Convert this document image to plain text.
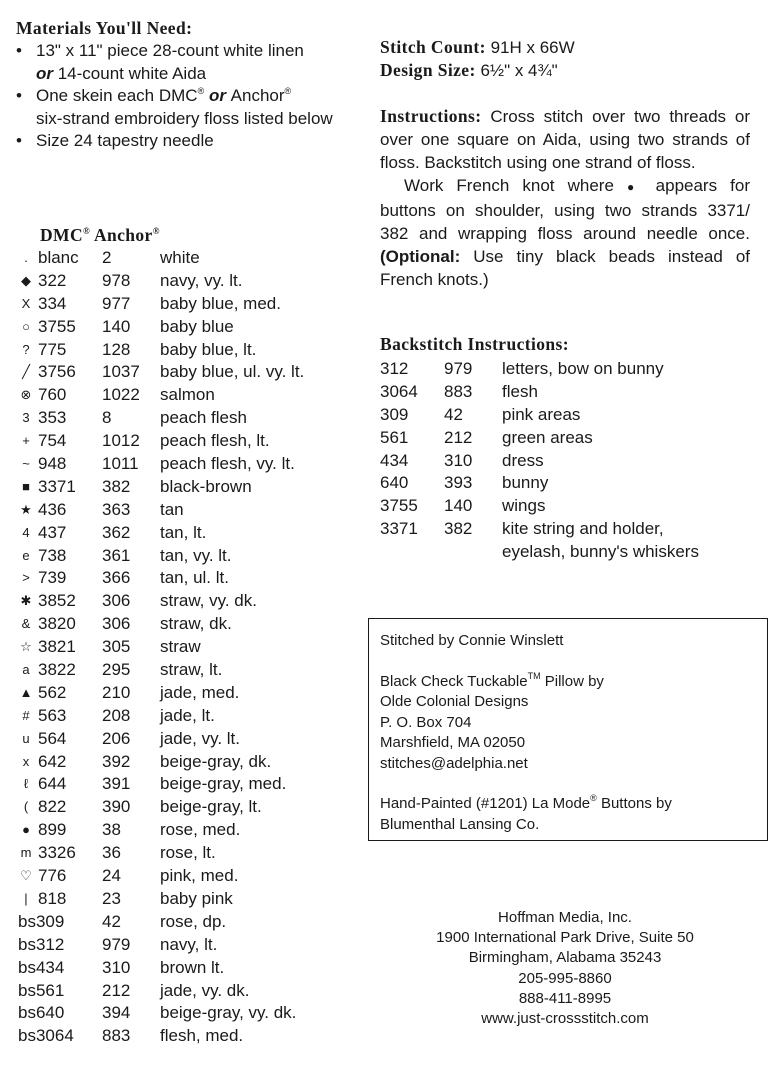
Materials You'll Need:
• 13" x 11" piece 28-count white linen
or 14-count white Aida
• One skein each DMC® or Anchor®
six-strand embroidery floss listed below
• Size 24 tapestry needle
DMC® Anchor®
. blanc 2	white
◆ 322 978 navy, vy. lt.
X 334 977 baby blue, med.
○ 3755 140 baby blue
? 775 128 baby blue, lt.
╱ 3756 1037 baby blue, ul. vy. lt.
⊗ 760 1022 salmon
3 353 8	peach flesh
+ 754 1012 peach flesh, lt.
~ 948 1011 peach flesh, vy. lt.
■ 3371 382 black-brown
★ 436 363 tan
4 437 362 tan, lt.
e 738 361 tan, vy. lt.
> 739 366 tan, ul. lt.
✱ 3852 306 straw, vy. dk.
& 3820 306 straw, dk.
☆ 3821 305 straw
a 3822 295 straw, lt.
▲ 562 210 jade, med.
# 563 208 jade, lt.
u 564 206 jade, vy. lt.
x 642 392 beige-gray, dk.
ℓ 644 391 beige-gray, med.
( 822 390 beige-gray, lt.
● 899 38 rose, med.
m 3326 36 rose, lt.
♡ 776 24 pink, med.
| 818 23 baby pink
bs309 42 rose, dp.
bs312 979 navy, lt.
bs434 310 brown lt.
bs561 212 jade, vy. dk.
bs640 394 beige-gray, vy. dk.
bs3064 883 flesh, med.
Stitch Count: 91H x 66W
Design Size: 6½" x 4¾"

Instructions: Cross stitch over two threads or over one square on Aida, using two strands of floss. Backstitch using one strand of floss.

Work French knot where ● appears for buttons on shoulder, using two strands 3371/ 382 and wrapping floss around needle once. (Optional: Use tiny black beads instead of French knots.)

Backstitch Instructions:
312 979 letters, bow on bunny
3064 883 flesh
309 42 pink areas
561 212 green areas
434 310 dress
640 393 bunny
3755 140 wings
3371 382 kite string and holder,
eyelash, bunny's whiskers
Stitched by Connie Winslett
Black Check Tuckable™ Pillow by
Olde Colonial Designs
P. O. Box 704
Marshfield, MA 02050
stitches@adelphia.net
Hand-Painted (#1201) La Mode® Buttons by
Blumenthal Lansing Co.
Hoffman Media, Inc.
1900 International Park Drive, Suite 50
Birmingham, Alabama 35243
205-995-8860
888-411-8995
www.just-crossstitch.com
